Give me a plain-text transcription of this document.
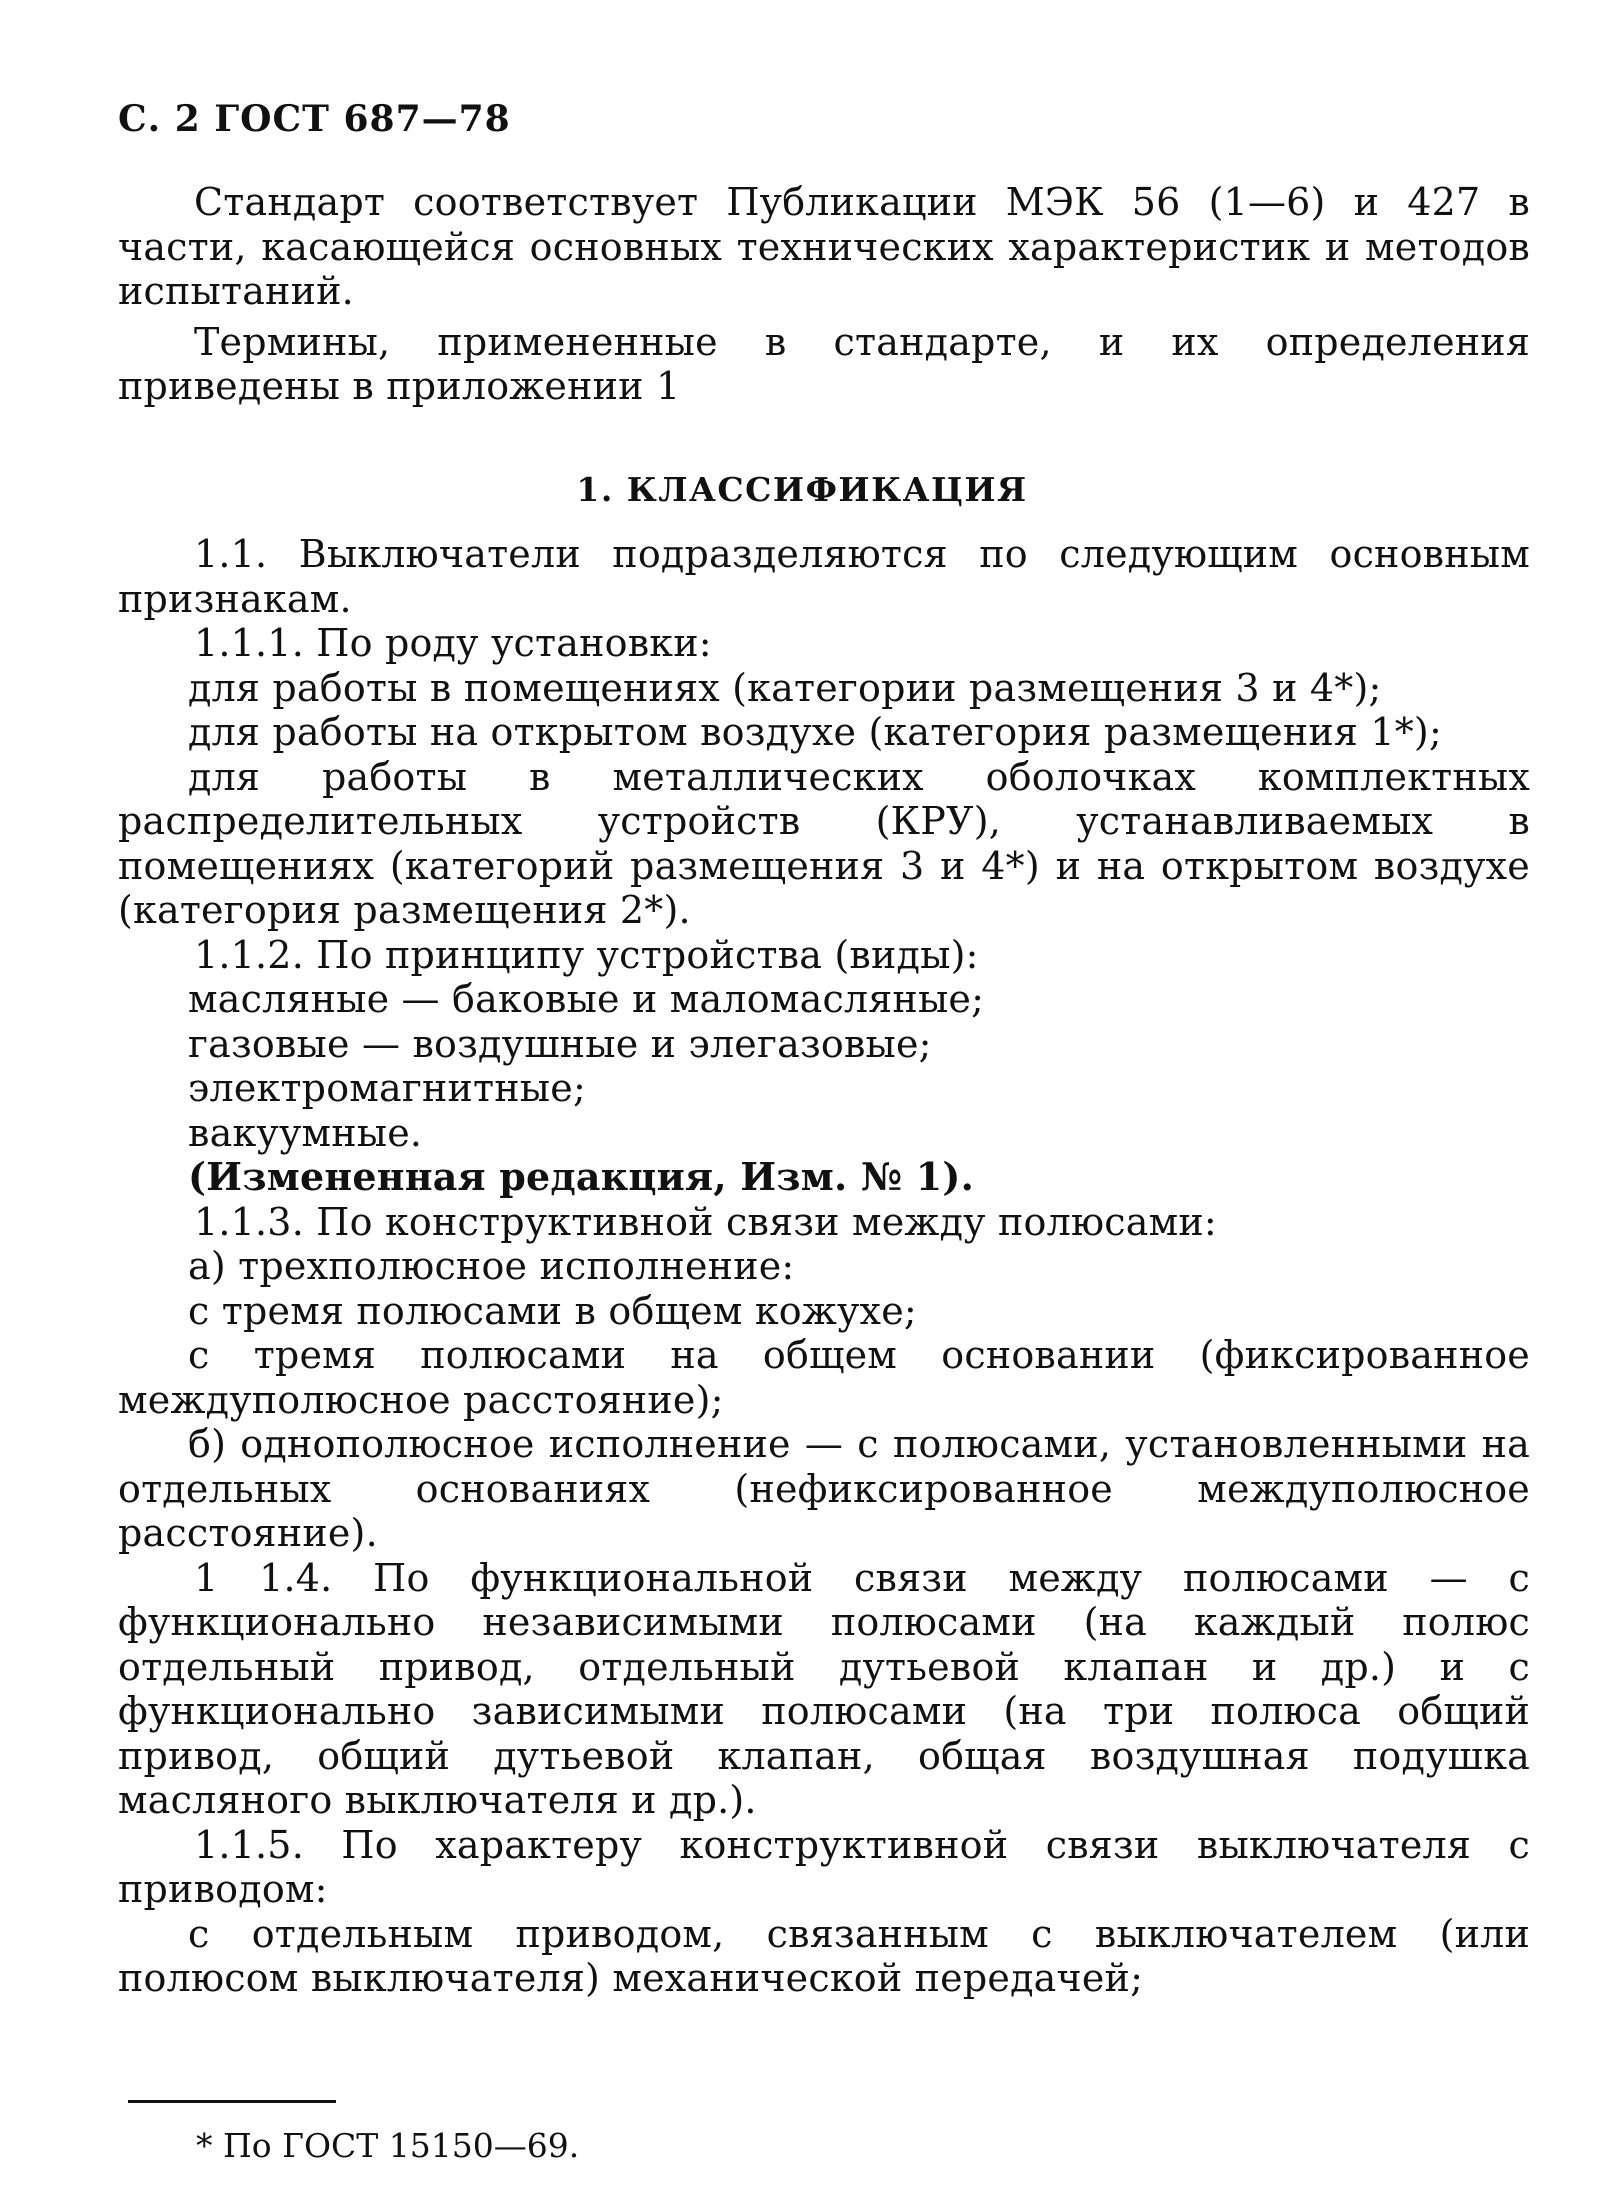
С. 2 ГОСТ 687—78

Стандарт соответствует Публикации МЭК 56 (1—6) и 427 в части, касающейся основных технических характеристик и методов испытаний.

Термины, примененные в стандарте, и их определения приведены в приложении 1

1. КЛАССИФИКАЦИЯ

1.1. Выключатели подразделяются по следующим основным признакам.

1.1.1. По роду установки:

для работы в помещениях (категории размещения 3 и 4*);

для работы на открытом воздухе (категория размещения 1*);

для работы в металлических оболочках комплектных распределительных устройств (КРУ), устанавливаемых в помещениях (категорий размещения 3 и 4*) и на открытом воздухе (категория размещения 2*).

1.1.2. По принципу устройства (виды):

масляные — баковые и маломасляные;

газовые — воздушные и элегазовые;

электромагнитные;

вакуумные.

(Измененная редакция, Изм. № 1).

1.1.3. По конструктивной связи между полюсами:

а) трехполюсное исполнение:

с тремя полюсами в общем кожухе;

с тремя полюсами на общем основании (фиксированное междуполюсное расстояние);

б) однополюсное исполнение — с полюсами, установленными на отдельных основаниях (нефиксированное междуполюсное расстояние).

1 1.4. По функциональной связи между полюсами — с функционально независимыми полюсами (на каждый полюс отдельный привод, отдельный дутьевой клапан и др.) и с функционально зависимыми полюсами (на три полюса общий привод, общий дутьевой клапан, общая воздушная подушка масляного выключателя и др.).

1.1.5. По характеру конструктивной связи выключателя с приводом:

с отдельным приводом, связанным с выключателем (или полюсом выключателя) механической передачей;

* По ГОСТ 15150—69.
